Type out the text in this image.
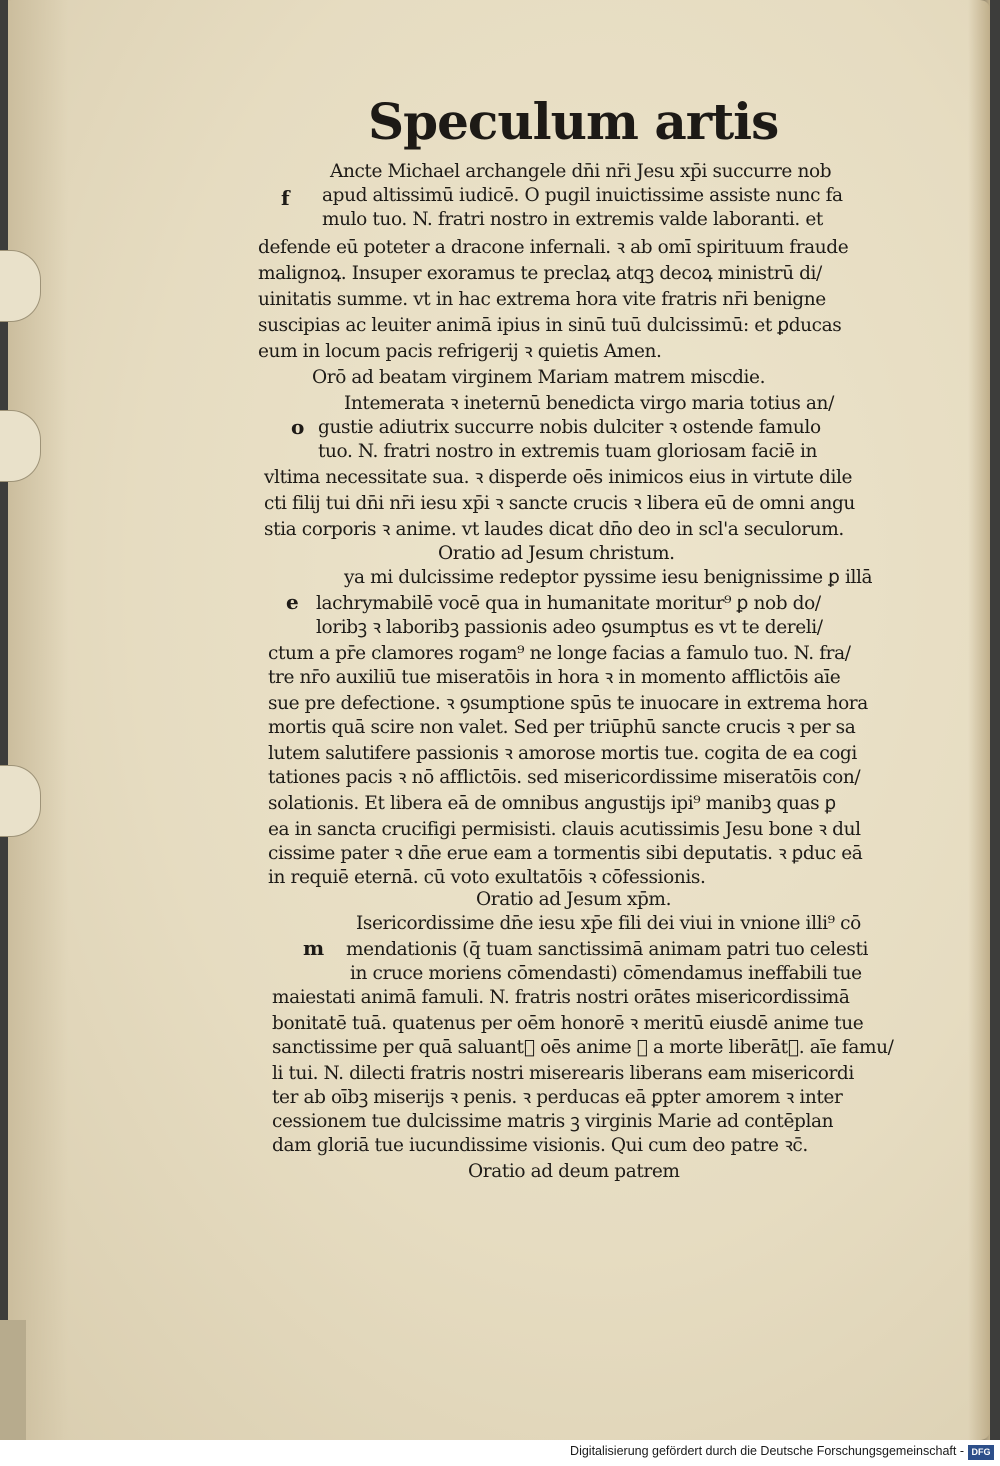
Speculum artis
f
o
e
m
Ancte Michael archangele dn̄i nr̄i Jesu xp̄i succurre nob
apud altissimū iudicē. O pugil inuictissime assiste nunc fa
mulo tuo. N. fratri nostro in extremis valde laboranti. et
defende eū poteter a dracone infernali. ꝛ ab omī spirituum fraude
malignoꝝ. Insuper exoramus te preclaꝝ atqꝫ decoꝝ ministrū di/
uinitatis summe. vt in hac extrema hora vite fratris nr̄i benigne
suscipias ac leuiter animā ipius in sinū tuū dulcissimū: et ꝑducas
eum in locum pacis refrigerij ꝛ quietis Amen.
Orō ad beatam virginem Mariam matrem miscdie.
Intemerata ꝛ ineternū benedicta virgo maria totius an/
gustie adiutrix succurre nobis dulciter ꝛ ostende famulo
tuo. N. fratri nostro in extremis tuam gloriosam faciē in
vltima necessitate sua. ꝛ disperde oēs inimicos eius in virtute dile
cti filij tui dn̄i nr̄i iesu xp̄i ꝛ sancte crucis ꝛ libera eū de omni angu
stia corporis ꝛ anime. vt laudes dicat dn̄o deo in scl'a seculorum.
Oratio ad Jesum christum.
ya mi dulcissime redeptor pyssime iesu benignissime ꝑ illā
lachrymabilē vocē qua in humanitate moritur⁹ ꝑ nob do/
loribꝫ ꝛ laboribꝫ passionis adeo ꝯsumptus es vt te dereli/
ctum a pr̄e clamores rogam⁹ ne longe facias a famulo tuo. N. fra/
tre nr̄o auxiliū tue miseratōis in hora ꝛ in momento afflictōis aīe
sue pre defectione. ꝛ ꝯsumptione spūs te inuocare in extrema hora
mortis quā scire non valet. Sed per triūphū sancte crucis ꝛ per sa
lutem salutifere passionis ꝛ amorose mortis tue. cogita de ea cogi
tationes pacis ꝛ nō afflictōis. sed misericordissime miseratōis con/
solationis. Et libera eā de omnibus angustijs ipi⁹ manibꝫ quas ꝑ
ea in sancta crucifigi permisisti. clauis acutissimis Jesu bone ꝛ dul
cissime pater ꝛ dn̄e erue eam a tormentis sibi deputatis. ꝛ ꝑduc eā
in requiē eternā. cū voto exultatōis ꝛ cōfessionis.
Oratio ad Jesum xp̄m.
Isericordissime dn̄e iesu xp̄e fili dei viui in vnione illi⁹ cō
mendationis (q̄ tuam sanctissimā animam patri tuo celesti
in cruce moriens cōmendasti) cōmendamus ineffabili tue
maiestati animā famuli. N. fratris nostri orātes misericordissimā
bonitatē tuā. quatenus per oēm honorē ꝛ meritū eiusdē anime tue
sanctissime per quā saluant᷑ oēs anime ꝛ a morte liberāt᷑. aīe famu/
li tui. N. dilecti fratris nostri miserearis liberans eam misericordi
ter ab oībꝫ miserijs ꝛ penis. ꝛ perducas eā ꝑpter amorem ꝛ inter
cessionem tue dulcissime matris ꝫ virginis Marie ad contēplan
dam gloriā tue iucundissime visionis. Qui cum deo patre ꝛc̄.
Oratio ad deum patrem
Digitalisierung gefördert durch die Deutsche Forschungsgemeinschaft - DFG
